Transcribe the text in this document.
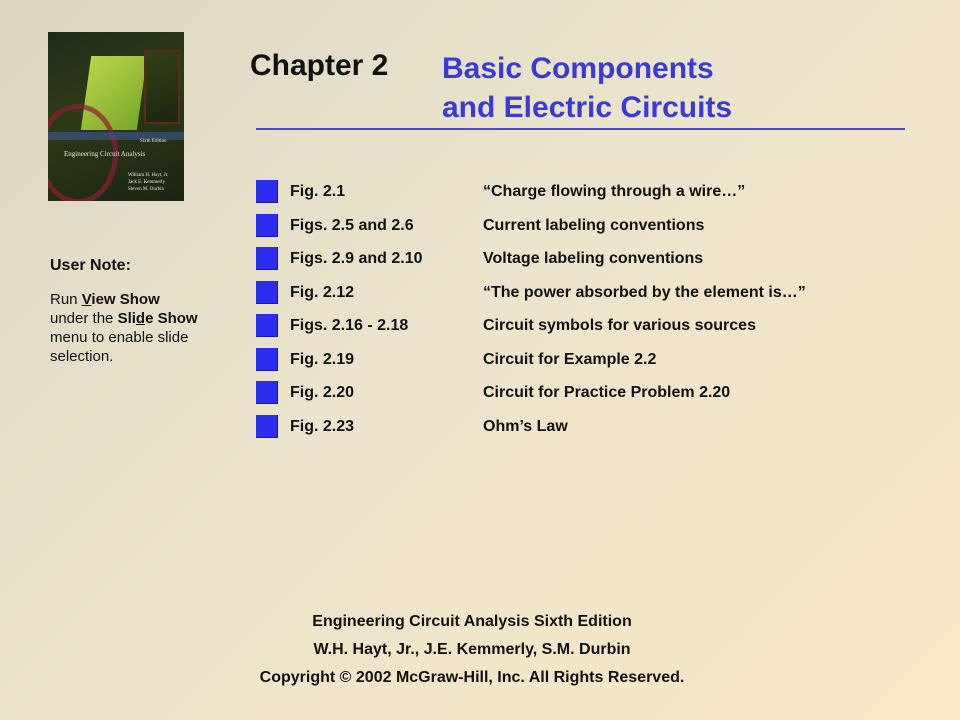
Sixth Edition
Engineering Circuit Analysis
William H. Hayt, Jr.
Jack E. Kemmerly
Steven M. Durbin
Chapter 2 Basic Components
and Electric Circuits
Fig. 2.1	“Charge flowing through a wire…”
Figs. 2.5 and 2.6	Current labeling conventions
Figs. 2.9 and 2.10	Voltage labeling conventions
Fig. 2.12	“The power absorbed by the element is…”
Figs. 2.16 - 2.18	Circuit symbols for various sources
Fig. 2.19	Circuit for Example 2.2
Fig. 2.20	Circuit for Practice Problem 2.20
Fig. 2.23	Ohm’s Law
User Note:
Run View Show under the Slide Show menu to enable slide selection.
Engineering Circuit Analysis Sixth Edition
W.H. Hayt, Jr., J.E. Kemmerly, S.M. Durbin
Copyright © 2002 McGraw-Hill, Inc. All Rights Reserved.
